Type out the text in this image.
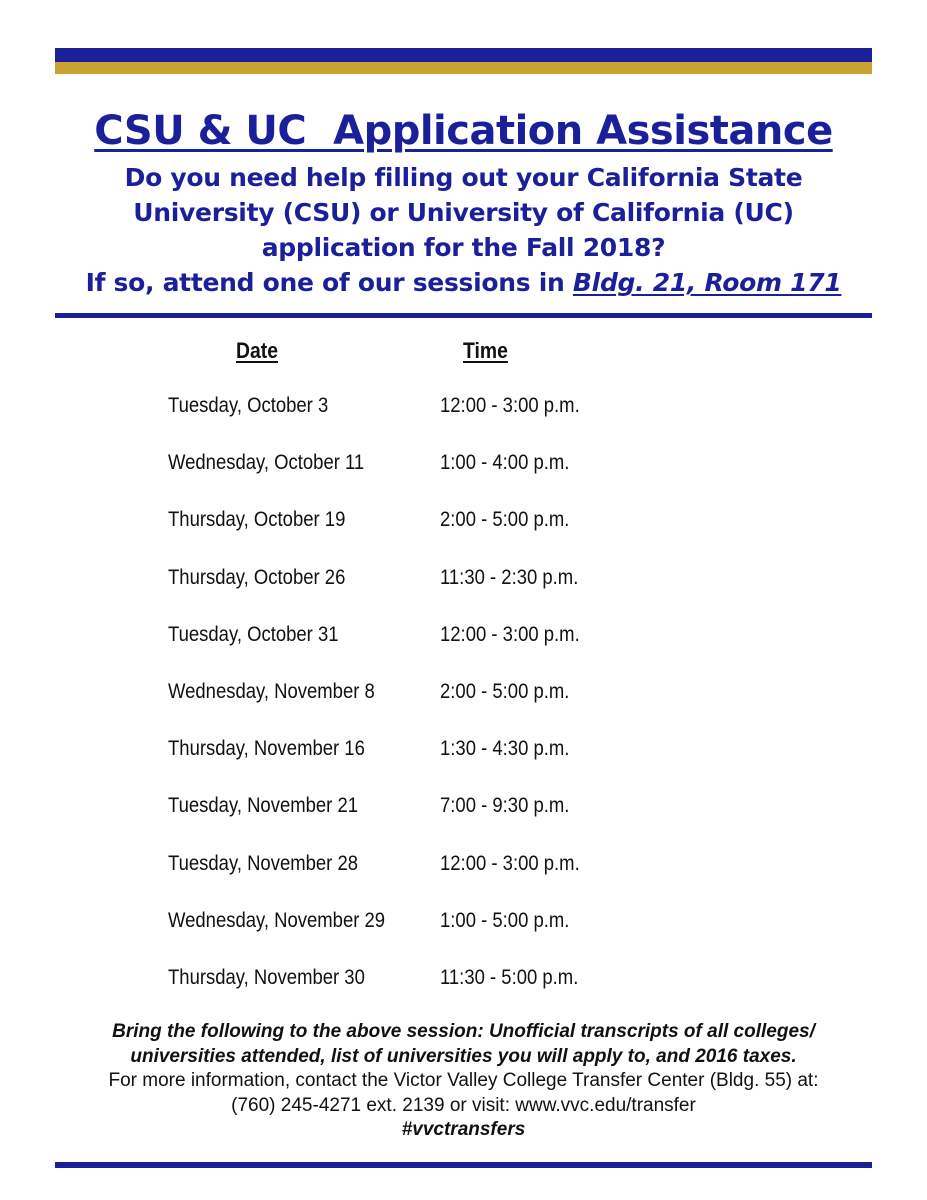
CSU & UC  Application Assistance
Do you need help filling out your California State
University (CSU) or University of California (UC)
application for the Fall 2018?
If so, attend one of our sessions in Bldg. 21, Room 171
Date	Time
Tuesday, October 3	12:00 - 3:00 p.m.
Wednesday, October 11	1:00 - 4:00 p.m.
Thursday, October 19	2:00 - 5:00 p.m.
Thursday, October 26	11:30 - 2:30 p.m.
Tuesday, October 31	12:00 - 3:00 p.m.
Wednesday, November 8	2:00 - 5:00 p.m.
Thursday, November 16	1:30 - 4:30 p.m.
Tuesday, November 21	7:00 - 9:30 p.m.
Tuesday, November 28	12:00 - 3:00 p.m.
Wednesday, November 29	1:00 - 5:00 p.m.
Thursday, November 30	11:30 - 5:00 p.m.
Bring the following to the above session: Unofficial transcripts of all colleges/
universities attended, list of universities you will apply to, and 2016 taxes.
For more information, contact the Victor Valley College Transfer Center (Bldg. 55) at:
(760) 245-4271 ext. 2139 or visit: www.vvc.edu/transfer
#vvctransfers
